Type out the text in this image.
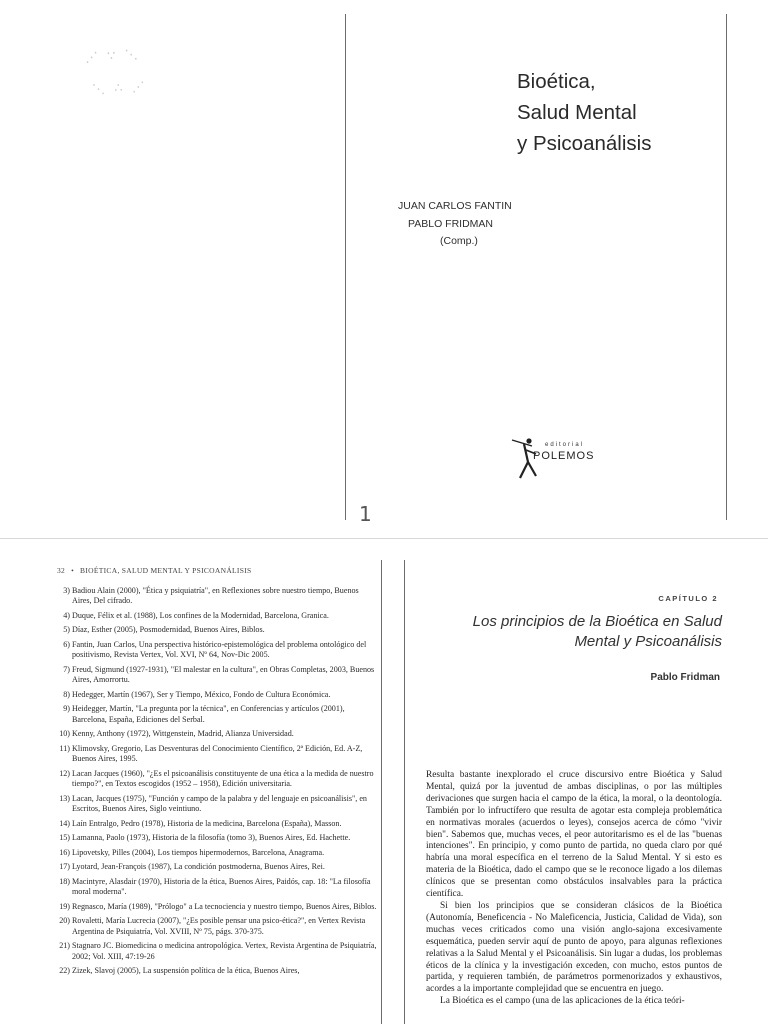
⋰ ∵ ⋱
⋱ ∴ ⋰	Bioética,
Salud Mental
y Psicoanálisis
JUAN CARLOS FANTIN
PABLO FRIDMAN
(Comp.)
editorial
POLEMOS
1
32 • BIOÉTICA, SALUD MENTAL Y PSICOANÁLISIS
3) Badiou Alain (2000), "Ética y psiquiatría", en Reflexiones sobre nuestro tiempo, Buenos Aires, Del cifrado.
4) Duque, Félix et al. (1988), Los confines de la Modernidad, Barcelona, Granica.
5) Díaz, Esther (2005), Posmodernidad, Buenos Aires, Biblos.
6) Fantin, Juan Carlos, Una perspectiva histórico-epistemológica del problema ontológico del positivismo, Revista Vertex, Vol. XVI, Nº 64, Nov-Dic 2005.
7) Freud, Sigmund (1927-1931), "El malestar en la cultura", en Obras Completas, 2003, Buenos Aires, Amorrortu.
8) Hedegger, Martín (1967), Ser y Tiempo, México, Fondo de Cultura Económica.
9) Heidegger, Martín, "La pregunta por la técnica", en Conferencias y artículos (2001), Barcelona, España, Ediciones del Serbal.
10) Kenny, Anthony (1972), Wittgenstein, Madrid, Alianza Universidad.
11) Klimovsky, Gregorio, Las Desventuras del Conocimiento Científico, 2ª Edición, Ed. A-Z, Buenos Aires, 1995.
12) Lacan Jacques (1960), "¿Es el psicoanálisis constituyente de una ética a la medida de nuestro tiempo?", en Textos escogidos (1952 – 1958), Edición universitaria.
13) Lacan, Jacques (1975), "Función y campo de la palabra y del lenguaje en psicoanálisis", en Escritos, Buenos Aires, Siglo veintiuno.
14) Laín Entralgo, Pedro (1978), Historia de la medicina, Barcelona (España), Masson.
15) Lamanna, Paolo (1973), Historia de la filosofía (tomo 3), Buenos Aires, Ed. Hachette.
16) Lipovetsky, Pilles (2004), Los tiempos hipermodernos, Barcelona, Anagrama.
17) Lyotard, Jean-François (1987), La condición postmoderna, Buenos Aires, Rei.
18) Macintyre, Alasdair (1970), Historia de la ética, Buenos Aires, Paidós, cap. 18: "La filosofía moral moderna".
19) Regnasco, María (1989), "Prólogo" a La tecnociencia y nuestro tiempo, Buenos Aires, Biblos.
20) Rovaletti, María Lucrecia (2007), "¿Es posible pensar una psico-ética?", en Vertex Revista Argentina de Psiquiatría, Vol. XVIII, Nº 75, págs. 370-375.
21) Stagnaro JC. Biomedicina o medicina antropológica. Vertex, Revista Argentina de Psiquiatría, 2002; Vol. XIII, 47:19-26
22) Zizek, Slavoj (2005), La suspensión política de la ética, Buenos Aires,
CAPÍTULO 2
Los principios de la Bioética en Salud Mental y Psicoanálisis
Pablo Fridman

Resulta bastante inexplorado el cruce discursivo entre Bioética y Salud Mental, quizá por la juventud de ambas disciplinas, o por las múltiples derivaciones que surgen hacia el campo de la ética, la moral, o la deontología. También por lo infructífero que resulta de agotar esta compleja problemática en normativas morales (acuerdos o leyes), consejos acerca de cómo "vivir bien". Sabemos que, muchas veces, el peor autoritarismo es el de las "buenas intenciones". En principio, y como punto de partida, no queda claro por qué habría una moral específica en el terreno de la Salud Mental. Y si esto es materia de la Bioética, dado el campo que se le reconoce ligado a los dilemas clínicos que se presentan como obstáculos insalvables para la práctica científica.

Si bien los principios que se consideran clásicos de la Bioética (Autonomía, Beneficencia - No Maleficencia, Justicia, Calidad de Vida), son muchas veces criticados como una visión anglo-sajona excesivamente esquemática, pueden servir aquí de punto de apoyo, para algunas reflexiones relativas a la Salud Mental y el Psicoanálisis. Sin lugar a dudas, los problemas éticos de la clínica y la investigación exceden, con mucho, estos puntos de partida, y requieren también, de parámetros pormenorizados y exhaustivos, acordes a la importante complejidad que se encuentra en juego.

La Bioética es el campo (una de las aplicaciones de la ética teóri-
